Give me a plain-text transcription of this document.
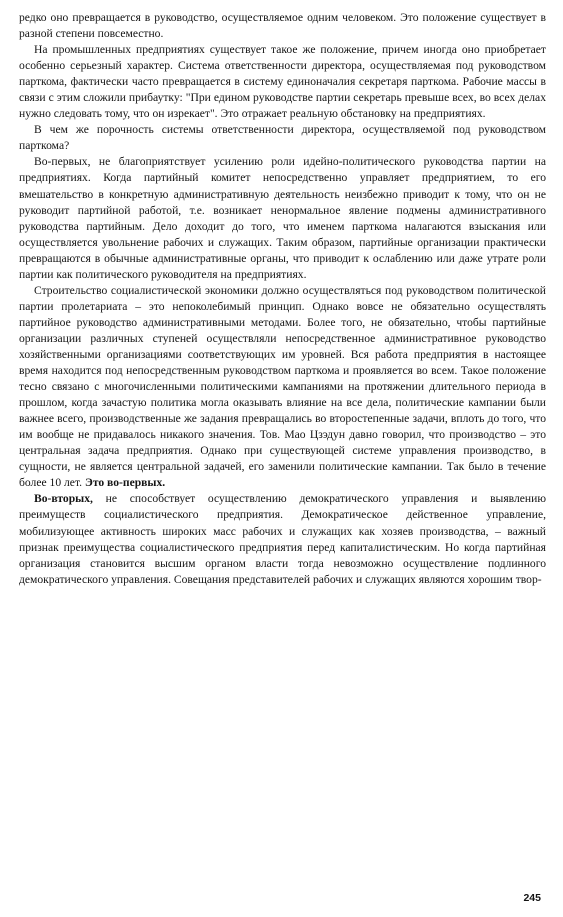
редко оно превращается в руководство, осуществляемое одним человеком. Это положение существует в разной степени повсеместно.

На промышленных предприятиях существует такое же положение, причем иногда оно приобретает особенно серьезный характер. Система ответственности директора, осуществляемая под руководством парткома, фактически часто превращается в систему единоначалия секретаря парткома. Рабочие массы в связи с этим сложили прибаутку: "При едином руководстве партии секретарь превыше всех, во всех делах нужно следовать тому, что он изрекает". Это отражает реальную обстановку на предприятиях.

В чем же порочность системы ответственности директора, осуществляемой под руководством парткома?

Во-первых, не благоприятствует усилению роли идейно-политического руководства партии на предприятиях. Когда партийный комитет непосредственно управляет предприятием, то его вмешательство в конкретную административную деятельность неизбежно приводит к тому, что он не руководит партийной работой, т.е. возникает ненормальное явление подмены административного руководства партийным. Дело доходит до того, что именем парткома налагаются взыскания или осуществляется увольнение рабочих и служащих. Таким образом, партийные организации практически превращаются в обычные административные органы, что приводит к ослаблению или даже утрате роли партии как политического руководителя на предприятиях.

Строительство социалистической экономики должно осуществляться под руководством политической партии пролетариата – это непоколебимый принцип. Однако вовсе не обязательно осуществлять партийное руководство административными методами. Более того, не обязательно, чтобы партийные организации различных ступеней осуществляли непосредственное административное руководство хозяйственными организациями соответствующих им уровней. Вся работа предприятия в настоящее время находится под непосредственным руководством парткома и проявляется во всем. Такое положение тесно связано с многочисленными политическими кампаниями на протяжении длительного периода в прошлом, когда зачастую политика могла оказывать влияние на все дела, политические кампании были важнее всего, производственные же задания превращались во второстепенные задачи, вплоть до того, что им вообще не придавалось никакого значения. Тов. Мао Цзэдун давно говорил, что производство – это центральная задача предприятия. Однако при существующей системе управления производство, в сущности, не является центральной задачей, его заменили политические кампании. Так было в течение более 10 лет. Это во-первых.

Во-вторых, не способствует осуществлению демократического управления и выявлению преимуществ социалистического предприятия. Демократическое действенное управление, мобилизующее активность широких масс рабочих и служащих как хозяев производства, – важный признак преимущества социалистического предприятия перед капиталистическим. Но когда партийная организация становится высшим органом власти тогда невозможно осуществление подлинного демократического управления. Совещания представителей рабочих и служащих являются хорошим твор-

245
